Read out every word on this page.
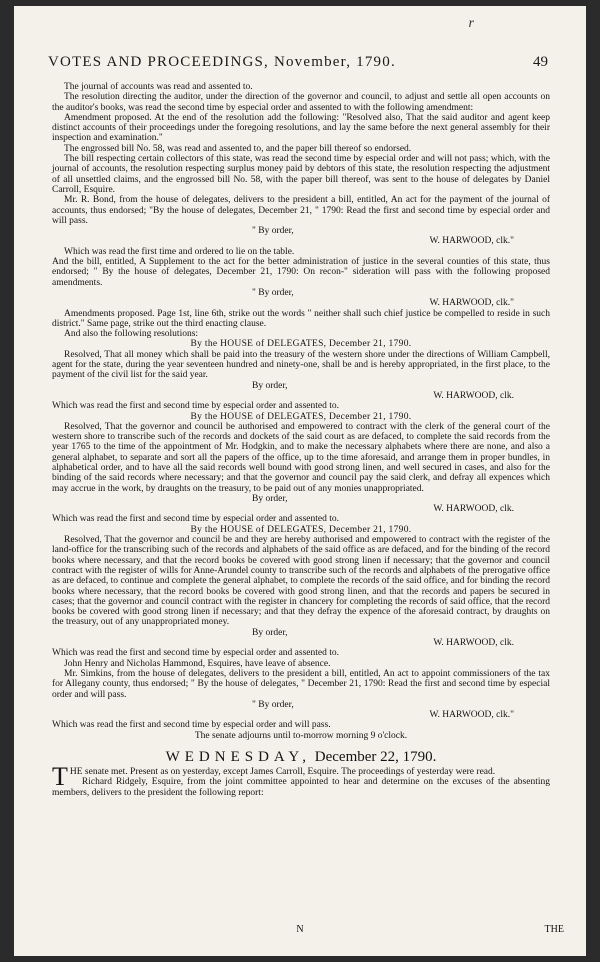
r
VOTES AND PROCEEDINGS, November, 1790.	49

The journal of accounts was read and assented to.

The resolution directing the auditor, under the direction of the governor and council, to adjust and settle all open accounts on the auditor's books, was read the second time by especial order and assented to with the following amendment:

Amendment proposed. At the end of the resolution add the following: "Resolved also, That the said auditor and agent keep distinct accounts of their proceedings under the foregoing resolutions, and lay the same before the next general assembly for their inspection and examination."

The engrossed bill No. 58, was read and assented to, and the paper bill thereof so endorsed.

The bill respecting certain collectors of this state, was read the second time by especial order and will not pass; which, with the journal of accounts, the resolution respecting surplus money paid by debtors of this state, the resolution respecting the adjustment of all unsettled claims, and the engrossed bill No. 58, with the paper bill thereof, was sent to the house of delegates by Daniel Carroll, Esquire.

Mr. R. Bond, from the house of delegates, delivers to the president a bill, entitled, An act for the payment of the journal of accounts, thus endorsed; "By the house of delegates, December 21, " 1790: Read the first and second time by especial order and will pass.

" By order,

W. HARWOOD, clk."

Which was read the first time and ordered to lie on the table.

And the bill, entitled, A Supplement to the act for the better administration of justice in the several counties of this state, thus endorsed; " By the house of delegates, December 21, 1790: On recon-" sideration will pass with the following proposed amendments.

" By order,

W. HARWOOD, clk."

Amendments proposed. Page 1st, line 6th, strike out the words " neither shall such chief justice be compelled to reside in such district." Same page, strike out the third enacting clause.

And also the following resolutions:

By the HOUSE of DELEGATES, December 21, 1790.

Resolved, That all money which shall be paid into the treasury of the western shore under the directions of William Campbell, agent for the state, during the year seventeen hundred and ninety-one, shall be and is hereby appropriated, in the first place, to the payment of the civil list for the said year.

By order,

W. HARWOOD, clk.

Which was read the first and second time by especial order and assented to.

By the HOUSE of DELEGATES, December 21, 1790.

Resolved, That the governor and council be authorised and empowered to contract with the clerk of the general court of the western shore to transcribe such of the records and dockets of the said court as are defaced, to complete the said records from the year 1765 to the time of the appointment of Mr. Hodgkin, and to make the necessary alphabets where there are none, and also a general alphabet, to separate and sort all the papers of the office, up to the time aforesaid, and arrange them in proper bundles, in alphabetical order, and to have all the said records well bound with good strong linen, and well secured in cases, and also for the binding of the said records where necessary; and that the governor and council pay the said clerk, and defray all expences which may accrue in the work, by draughts on the treasury, to be paid out of any monies unappropriated.

By order,

W. HARWOOD, clk.

Which was read the first and second time by especial order and assented to.

By the HOUSE of DELEGATES, December 21, 1790.

Resolved, That the governor and council be and they are hereby authorised and empowered to contract with the register of the land-office for the transcribing such of the records and alphabets of the said office as are defaced, and for the binding of the record books where necessary, and that the record books be covered with good strong linen if necessary; that the governor and council contract with the register of wills for Anne-Arundel county to transcribe such of the records and alphabets of the prerogative office as are defaced, to continue and complete the general alphabet, to complete the records of the said office, and for binding the record books where necessary, that the record books be covered with good strong linen, and that the records and papers be secured in cases; that the governor and council contract with the register in chancery for completing the records of said office, that the record books be covered with good strong linen if necessary; and that they defray the expence of the aforesaid contract, by draughts on the treasury, out of any unappropriated money.

By order,

W. HARWOOD, clk.

Which was read the first and second time by especial order and assented to.

John Henry and Nicholas Hammond, Esquires, have leave of absence.

Mr. Simkins, from the house of delegates, delivers to the president a bill, entitled, An act to appoint commissioners of the tax for Allegany county, thus endorsed; " By the house of delegates, " December 21, 1790: Read the first and second time by especial order and will pass.

" By order,

W. HARWOOD, clk."

Which was read the first and second time by especial order and will pass.

The senate adjourns until to-morrow morning 9 o'clock.

WEDNESDAY, December 22, 1790.

THE senate met. Present as on yesterday, except James Carroll, Esquire. The proceedings of yesterday were read.

Richard Ridgely, Esquire, from the joint committee appointed to hear and determine on the excuses of the absenting members, delivers to the president the following report:

N	THE
